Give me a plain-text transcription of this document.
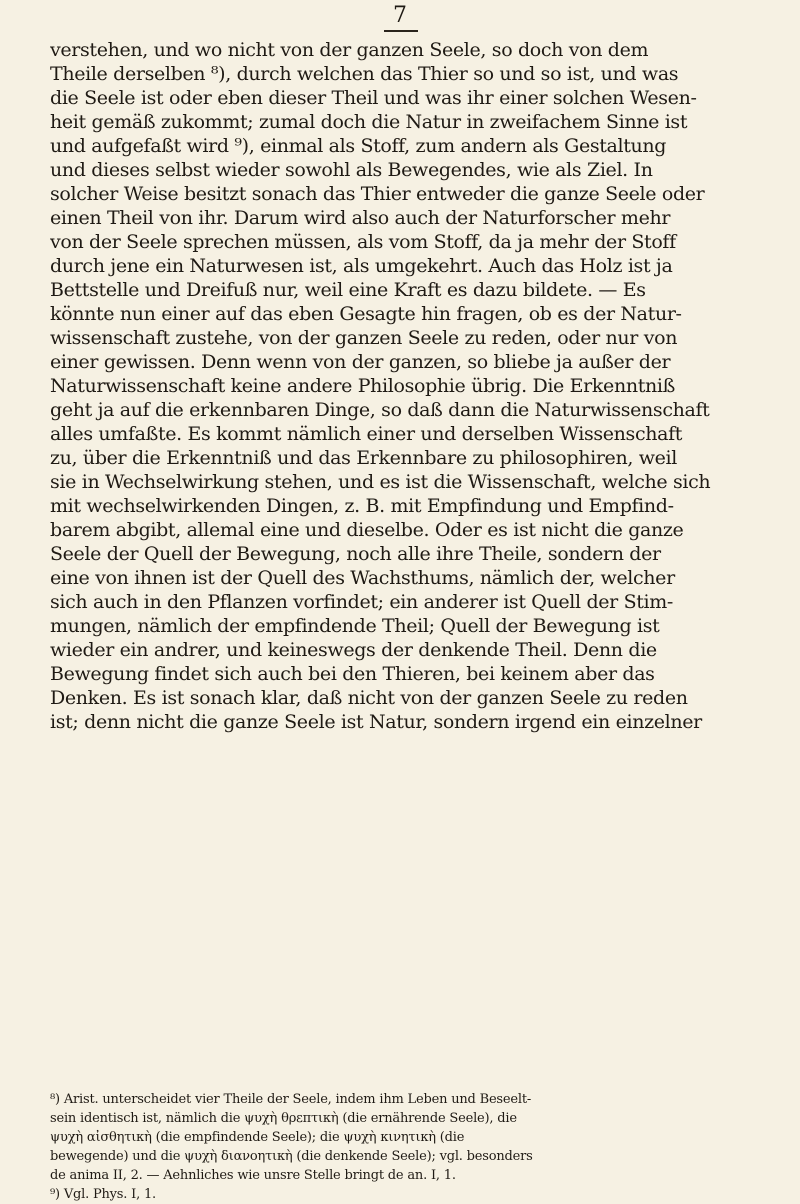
7
verstehen, und wo nicht von der ganzen Seele, so doch von dem
Theile derselben ⁸), durch welchen das Thier so und so ist, und was
die Seele ist oder eben dieser Theil und was ihr einer solchen Wesen-
heit gemäß zukommt; zumal doch die Natur in zweifachem Sinne ist
und aufgefaßt wird ⁹), einmal als Stoff, zum andern als Gestaltung
und dieses selbst wieder sowohl als Bewegendes, wie als Ziel. In
solcher Weise besitzt sonach das Thier entweder die ganze Seele oder
einen Theil von ihr. Darum wird also auch der Naturforscher mehr
von der Seele sprechen müssen, als vom Stoff, da ja mehr der Stoff
durch jene ein Naturwesen ist, als umgekehrt. Auch das Holz ist ja
Bettstelle und Dreifuß nur, weil eine Kraft es dazu bildete. — Es
könnte nun einer auf das eben Gesagte hin fragen, ob es der Natur-
wissenschaft zustehe, von der ganzen Seele zu reden, oder nur von
einer gewissen. Denn wenn von der ganzen, so bliebe ja außer der
Naturwissenschaft keine andere Philosophie übrig. Die Erkenntniß
geht ja auf die erkennbaren Dinge, so daß dann die Naturwissenschaft
alles umfaßte. Es kommt nämlich einer und derselben Wissenschaft
zu, über die Erkenntniß und das Erkennbare zu philosophiren, weil
sie in Wechselwirkung stehen, und es ist die Wissenschaft, welche sich
mit wechselwirkenden Dingen, z. B. mit Empfindung und Empfind-
barem abgibt, allemal eine und dieselbe. Oder es ist nicht die ganze
Seele der Quell der Bewegung, noch alle ihre Theile, sondern der
eine von ihnen ist der Quell des Wachsthums, nämlich der, welcher
sich auch in den Pflanzen vorfindet; ein anderer ist Quell der Stim-
mungen, nämlich der empfindende Theil; Quell der Bewegung ist
wieder ein andrer, und keineswegs der denkende Theil. Denn die
Bewegung findet sich auch bei den Thieren, bei keinem aber das
Denken. Es ist sonach klar, daß nicht von der ganzen Seele zu reden
ist; denn nicht die ganze Seele ist Natur, sondern irgend ein einzelner
⁸) Arist. unterscheidet vier Theile der Seele, indem ihm Leben und Beseelt-
sein identisch ist, nämlich die ψυχὴ θρεπτικὴ (die ernährende Seele), die
ψυχὴ αἰσθητικὴ (die empfindende Seele); die ψυχὴ κινητικὴ (die
bewegende) und die ψυχὴ διανοητικὴ (die denkende Seele); vgl. besonders
de anima II, 2. — Aehnliches wie unsre Stelle bringt de an. I, 1.
⁹) Vgl. Phys. I, 1.
